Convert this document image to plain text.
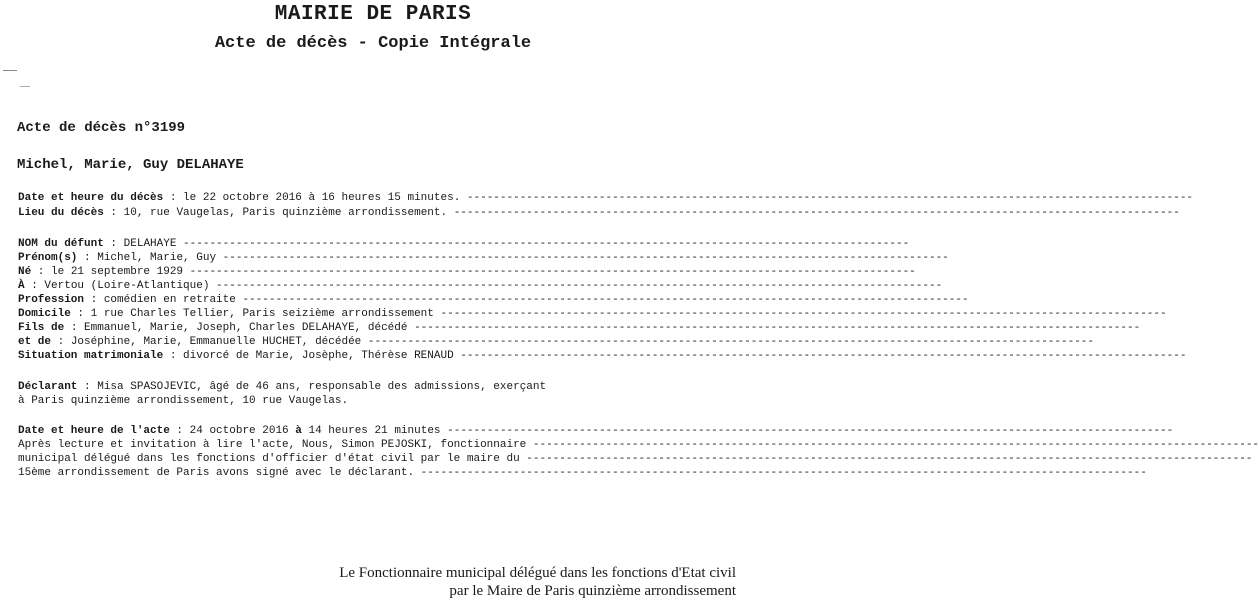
MAIRIE DE PARIS
Acte de décès - Copie Intégrale
Acte de décès n°3199
Michel, Marie, Guy DELAHAYE
Date et heure du décès : le 22 octobre 2016 à 16 heures 15 minutes. --------------------------------------------------------------------------------------------------------------
Lieu du décès : 10, rue Vaugelas, Paris quinzième arrondissement. --------------------------------------------------------------------------------------------------------------
NOM du défunt : DELAHAYE --------------------------------------------------------------------------------------------------------------
Prénom(s) : Michel, Marie, Guy --------------------------------------------------------------------------------------------------------------
Né : le 21 septembre 1929 --------------------------------------------------------------------------------------------------------------
À : Vertou (Loire-Atlantique) --------------------------------------------------------------------------------------------------------------
Profession : comédien en retraite --------------------------------------------------------------------------------------------------------------
Domicile : 1 rue Charles Tellier, Paris seizième arrondissement --------------------------------------------------------------------------------------------------------------
Fils de : Emmanuel, Marie, Joseph, Charles DELAHAYE, décédé --------------------------------------------------------------------------------------------------------------
et de : Joséphine, Marie, Emmanuelle HUCHET, décédée --------------------------------------------------------------------------------------------------------------
Situation matrimoniale : divorcé de Marie, Josèphe, Thérèse RENAUD --------------------------------------------------------------------------------------------------------------
Déclarant : Misa SPASOJEVIC, âgé de 46 ans, responsable des admissions, exerçant
à Paris quinzième arrondissement, 10 rue Vaugelas.
Date et heure de l'acte : 24 octobre 2016 à 14 heures 21 minutes --------------------------------------------------------------------------------------------------------------
Après lecture et invitation à lire l'acte, Nous, Simon PEJOSKI, fonctionnaire --------------------------------------------------------------------------------------------------------------
municipal délégué dans les fonctions d'officier d'état civil par le maire du --------------------------------------------------------------------------------------------------------------
15ème arrondissement de Paris avons signé avec le déclarant. --------------------------------------------------------------------------------------------------------------
Le Fonctionnaire municipal délégué dans les fonctions d'Etat civil
par le Maire de Paris quinzième arrondissement
